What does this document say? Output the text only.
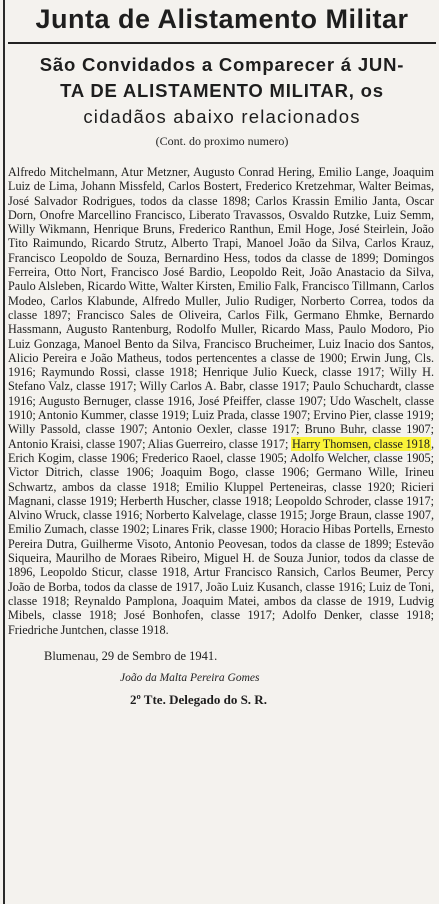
Junta de Alistamento Militar
São Convidados a Comparecer á JUN-
TA DE ALISTAMENTO MILITAR, os
cidadãos abaixo relacionados
(Cont. do proximo numero)
Alfredo Mitchelmann, Atur Metzner, Augusto Conrad Hering, Emilio Lange, Joaquim Luiz de Lima, Johann Missfeld, Carlos Bostert, Frederico Kretzehmar, Walter Beimas, José Salvador Rodrigues, todos da classe 1898; Carlos Krassin Emilio Janta, Oscar Dorn, Onofre Marcellino Francisco, Liberato Travassos, Osvaldo Rutzke, Luiz Semm, Willy Wikmann, Henrique Bruns, Frederico Ranthun, Emil Hoge, José Steirlein, João Tito Raimundo, Ricardo Strutz, Alberto Trapi, Manoel João da Silva, Carlos Krauz, Francisco Leopoldo de Souza, Bernardino Hess, todos da classe de 1899; Domingos Ferreira, Otto Nort, Francisco José Bardio, Leopoldo Reit, João Anastacio da Silva, Paulo Alsleben, Ricardo Witte, Walter Kirsten, Emilio Falk, Francisco Tillmann, Carlos Modeo, Carlos Klabunde, Alfredo Muller, Julio Rudiger, Norberto Correa, todos da classe 1897; Francisco Sales de Oliveira, Carlos Filk, Germano Ehmke, Bernardo Hassmann, Augusto Rantenburg, Rodolfo Muller, Ricardo Mass, Paulo Modoro, Pio Luiz Gonzaga, Manoel Bento da Silva, Francisco Brucheimer, Luiz Inacio dos Santos, Alicio Pereira e João Matheus, todos pertencentes a classe de 1900; Erwin Jung, Cls. 1916; Raymundo Rossi, classe 1918; Henrique Julio Kueck, classe 1917; Willy H. Stefano Valz, classe 1917; Willy Carlos A. Babr, classe 1917; Paulo Schuchardt, classe 1916; Augusto Bernuger, classe 1916, José Pfeiffer, classe 1907; Udo Waschelt, classe 1910; Antonio Kummer, classe 1919; Luiz Prada, classe 1907; Ervino Pier, classe 1919; Willy Passold, classe 1907; Antonio Oexler, classe 1917; Bruno Buhr, classe 1907; Antonio Kraisi, classe 1907; Alias Guerreiro, classe 1917; Harry Thomsen, classe 1918, Erich Kogim, classe 1906; Frederico Raoel, classe 1905; Adolfo Welcher, classe 1905; Victor Ditrich, classe 1906; Joaquim Bogo, classe 1906; Germano Wille, Irineu Schwartz, ambos da classe 1918; Emilio Kluppel Perteneiras, classe 1920; Ricieri Magnani, classe 1919; Herberth Huscher, classe 1918; Leopoldo Schroder, classe 1917; Alvino Wruck, classe 1916; Norberto Kalvelage, classe 1915; Jorge Braun, classe 1907, Emilio Zumach, classe 1902; Linares Frik, classe 1900; Horacio Hibas Portells, Ernesto Pereira Dutra, Guilherme Visoto, Antonio Peovesan, todos da classe de 1899; Estevão Siqueira, Maurilho de Moraes Ribeiro, Miguel H. de Souza Junior, todos da classe de 1896, Leopoldo Sticur, classe 1918, Artur Francisco Ransich, Carlos Beumer, Percy João de Borba, todos da classe de 1917, João Luiz Kusanch, classe 1916; Luiz de Toni, classe 1918; Reynaldo Pamplona, Joaquim Matei, ambos da classe de 1919, Ludvig Mibels, classe 1918; José Bonhofen, classe 1917; Adolfo Denker, classe 1918; Friedriche Juntchen, classe 1918.
Blumenau, 29 de Sembro de 1941.
João da Malta Pereira Gomes
2º Tte. Delegado do S. R.
